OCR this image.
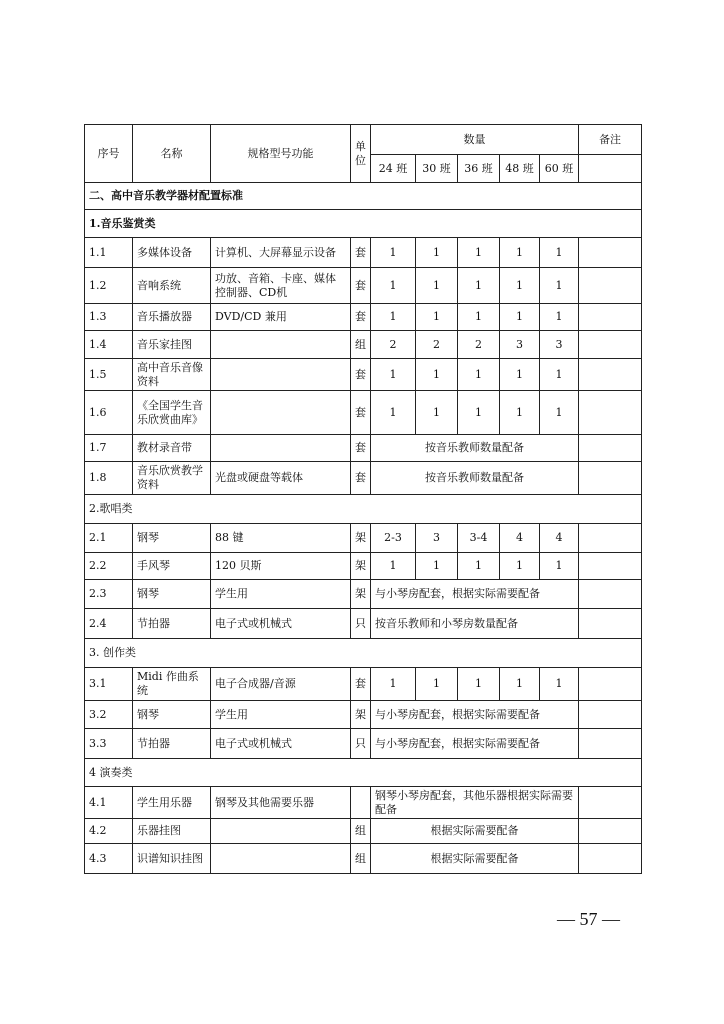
序号	名称	规格型号功能	单位	数量					备注
				24 班	30 班	36 班	48 班	60 班	
二、高中音乐教学器材配置标准									
1.音乐鉴赏类									
1.1	多媒体设备	计算机、大屏幕显示设备	套	1	1	1	1	1	
1.2	音响系统	功放、音箱、卡座、媒体控制器、CD机	套	1	1	1	1	1	
1.3	音乐播放器	DVD/CD 兼用	套	1	1	1	1	1	
1.4	音乐家挂图		组	2	2	2	3	3	
1.5	高中音乐音像资料		套	1	1	1	1	1	
1.6	《全国学生音乐欣赏曲库》		套	1	1	1	1	1	
1.7	教材录音带		套	按音乐教师数量配备					
1.8	音乐欣赏教学资料	光盘或硬盘等载体	套	按音乐教师数量配备					
2.歌唱类									
2.1	钢琴	88 键	架	2-3	3	3-4	4	4	
2.2	手风琴	120 贝斯	架	1	1	1	1	1	
2.3	钢琴	学生用	架	与小琴房配套，根据实际需要配备					
2.4	节拍器	电子式或机械式	只	按音乐教师和小琴房数量配备					
3. 创作类									
3.1	Midi 作曲系统	电子合成器/音源	套	1	1	1	1	1	
3.2	钢琴	学生用	架	与小琴房配套，根据实际需要配备					
3.3	节拍器	电子式或机械式	只	与小琴房配套，根据实际需要配备					
4 演奏类									
4.1	学生用乐器	钢琴及其他需要乐器		钢琴小琴房配套，其他乐器根据实际需要配备					
4.2	乐器挂图		组	根据实际需要配备					
4.3	识谱知识挂图		组	根据实际需要配备					
— 57 —
